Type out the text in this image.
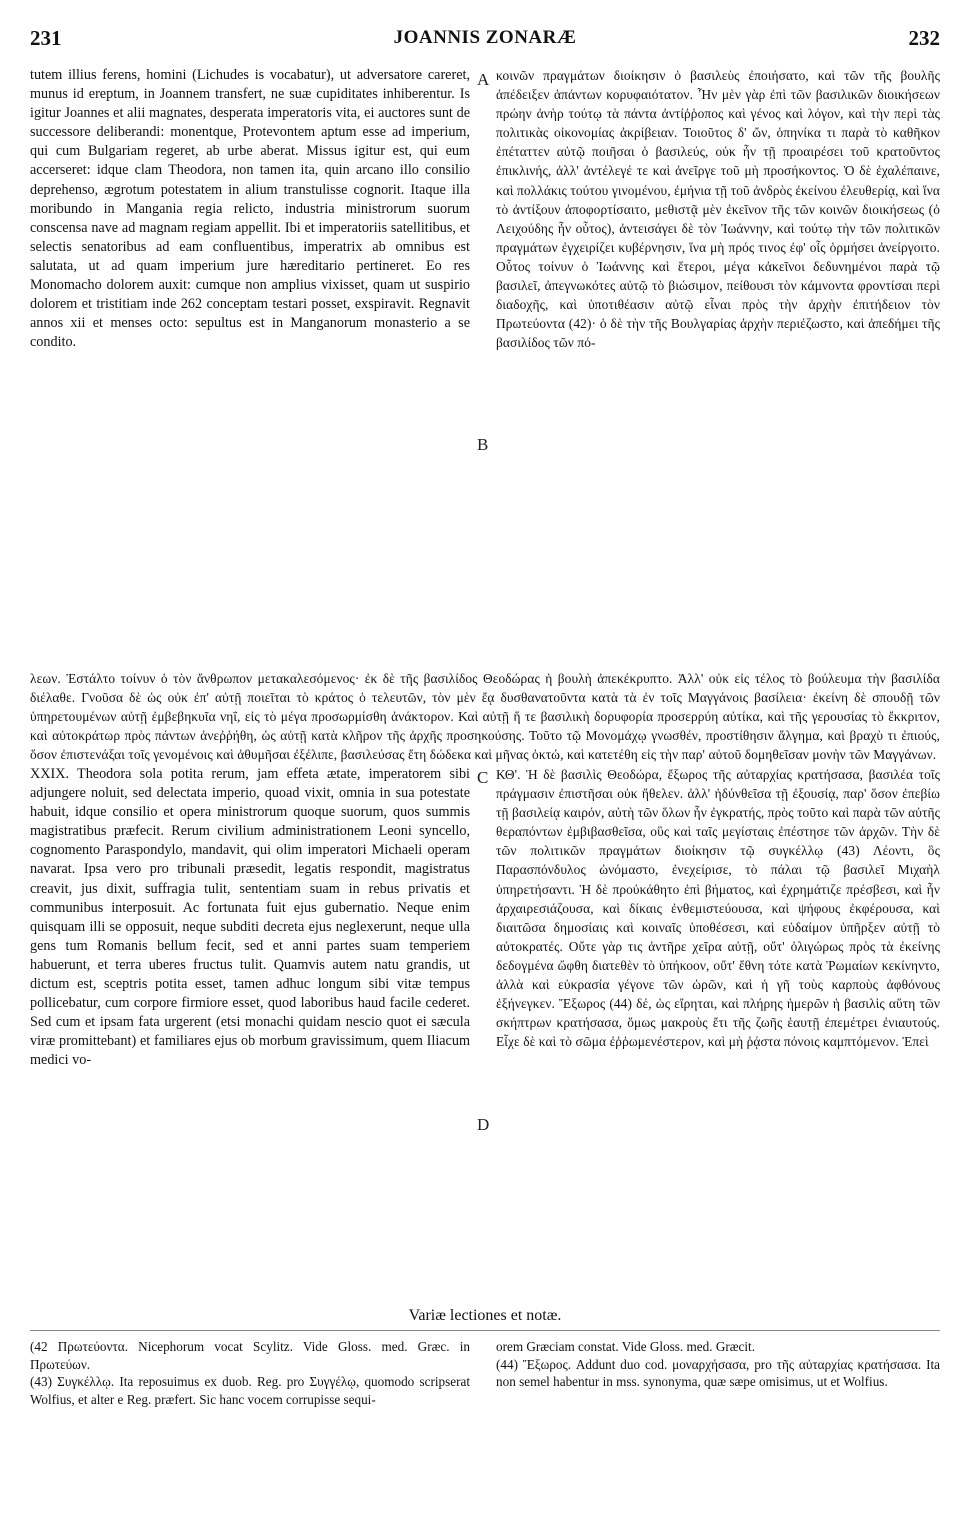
231	JOANNIS ZONARÆ	232
tutem illius ferens, homini (Lichudes is vocabatur), ut adversatore careret, munus id ereptum, in Joannem transfert, ne suæ cupiditates inhiberentur. Is igitur Joannes et alii magnates, desperata imperatoris vita, ei auctores sunt de successore deliberandi: monentque, Protevontem aptum esse ad imperium, qui cum Bulgariam regeret, ab urbe aberat. Missus igitur est, qui eum accerseret: idque clam Theodora, non tamen ita, quin arcano illo consilio deprehenso, ægrotum potestatem in alium transtulisse cognorit. Itaque illa moribundo in Mangania regia relicto, industria ministrorum suorum conscensa nave ad magnam regiam appellit. Ibi et imperatoriis satellitibus, et selectis senatoribus ad eam confluentibus, imperatrix ab omnibus est salutata, ut ad quam imperium jure hæreditario pertineret. Eo res Monomacho dolorem auxit: cumque non amplius vixisset, quam ut suspirio dolorem et tristitiam inde 262 conceptam testari posset, exspiravit. Regnavit annos xii et menses octo: sepultus est in Manganorum monasterio a se condito.
κοινῶν πραγμάτων διοίκησιν ὁ βασιλεὺς ἐποιήσατο, καὶ τῶν τῆς βουλῆς ἀπέδειξεν ἁπάντων κορυφαιότατον. Ἦν μὲν γὰρ ἐπὶ τῶν βασιλικῶν διοικήσεων πρώην ἀνὴρ τούτῳ τὰ πάντα ἀντίῤῥοπος καὶ γένος καὶ λόγον, καὶ τὴν περὶ τὰς πολιτικὰς οἰκονομίας ἀκρίβειαν. Τοιοῦτος δ' ὤν, ὁπηνίκα τι παρὰ τὸ καθῆκον ἐπέταττεν αὐτῷ ποιῆσαι ὁ βασιλεύς, οὐκ ἦν τῇ προαιρέσει τοῦ κρατοῦντος ἐπικλινής, ἀλλ' ἀντέλεγέ τε καὶ ἀνεῖργε τοῦ μὴ προσήκοντος. Ὁ δὲ ἐχαλέπαινε, καὶ πολλάκις τούτου γινομένου, ἐμήνια τῇ τοῦ ἀνδρὸς ἐκείνου ἐλευθερίᾳ, καὶ ἵνα τὸ ἀντίξουν ἀποφορτίσαιτο, μεθιστᾷ μὲν ἐκεῖνον τῆς τῶν κοινῶν διοικήσεως (ὁ Λειχούδης ἦν οὗτος), ἀντεισάγει δὲ τὸν Ἰωάννην, καὶ τούτῳ τὴν τῶν πολιτικῶν πραγμάτων ἐγχειρίζει κυβέρνησιν, ἵνα μὴ πρός τινος ἐφ' οἷς ὁρμήσει ἀνείργοιτο. Οὗτος τοίνυν ὁ Ἰωάννης καὶ ἕτεροι, μέγα κἀκεῖνοι δεδυνημένοι παρὰ τῷ βασιλεῖ, ἀπεγνωκότες αὐτῷ τὸ βιώσιμον, πείθουσι τὸν κάμνοντα φροντίσαι περὶ διαδοχῆς, καὶ ὑποτιθέασιν αὐτῷ εἶναι πρὸς τὴν ἀρχὴν ἐπιτήδειον τὸν Πρωτεύοντα (42)· ὁ δὲ τὴν τῆς Βουλγαρίας ἀρχὴν περιέζωστο, καὶ ἀπεδήμει τῆς βασιλίδος τῶν πό-
A
B
λεων. Ἐστάλτο τοίνυν ὁ τὸν ἄνθρωπον μετακαλεσόμενος· ἐκ δὲ τῆς βασιλίδος Θεοδώρας ἡ βουλὴ ἀπεκέκρυπτο. Ἀλλ' οὐκ εἰς τέλος τὸ βούλευμα τὴν βασιλίδα διέλαθε. Γνοῦσα δὲ ὡς οὐκ ἐπ' αὐτῇ ποιεῖται τὸ κράτος ὁ τελευτῶν, τὸν μὲν ἔᾳ δυσθανατοῦντα κατὰ τὰ ἐν τοῖς Μαγγάνοις βασίλεια· ἐκείνη δὲ σπουδῇ τῶν ὑπηρετουμένων αὐτῇ ἐμβεβηκυῖα νηΐ, εἰς τὸ μέγα προσωρμίσθη ἀνάκτορον. Καὶ αὐτῇ ἥ τε βασιλικὴ δορυφορία προσερρύη αὐτίκα, καὶ τῆς γερουσίας τὸ ἔκκριτον, καὶ αὐτοκράτωρ πρὸς πάντων ἀνεῤῥήθη, ὡς αὐτῇ κατὰ κλῆρον τῆς ἀρχῆς προσηκούσης. Τοῦτο τῷ Μονομάχῳ γνωσθέν, προστίθησιν ἄλγημα, καὶ βραχὺ τι ἐπιούς, ὅσον ἐπιστενάξαι τοῖς γενομένοις καὶ ἀθυμῆσαι ἐξέλιπε, βασιλεύσας ἔτη δώδεκα καὶ μῆνας ὀκτώ, καὶ κατετέθη εἰς τὴν παρ' αὐτοῦ δομηθεῖσαν μονὴν τῶν Μαγγάνων.
C
D
XXIX. Theodora sola potita rerum, jam effeta ætate, imperatorem sibi adjungere noluit, sed delectata imperio, quoad vixit, omnia in sua potestate habuit, idque consilio et opera ministrorum quoque suorum, quos summis magistratibus præfecit. Rerum civilium administrationem Leoni syncello, cognomento Paraspondylo, mandavit, qui olim imperatori Michaeli operam navarat. Ipsa vero pro tribunali præsedit, legatis respondit, magistratus creavit, jus dixit, suffragia tulit, sententiam suam in rebus privatis et communibus interposuit. Ac fortunata fuit ejus gubernatio. Neque enim quisquam illi se opposuit, neque subditi decreta ejus neglexerunt, neque ulla gens tum Romanis bellum fecit, sed et anni partes suam temperiem habuerunt, et terra uberes fructus tulit. Quamvis autem natu grandis, ut dictum est, sceptris potita esset, tamen adhuc longum sibi vitæ tempus pollicebatur, cum corpore firmiore esset, quod laboribus haud facile cederet. Sed cum et ipsam fata urgerent (etsi monachi quidam nescio quot ei sæcula viræ promittebant) et familiares ejus ob morbum gravissimum, quem Iliacum medici vo-
ΚΘ'. Ἡ δὲ βασιλὶς Θεοδώρα, ἔξωρος τῆς αὐταρχίας κρατήσασα, βασιλέα τοῖς πράγμασιν ἐπιστῆσαι οὐκ ἤθελεν. ἀλλ' ἠδύνθεῖσα τῇ ἐξουσίᾳ, παρ' ὅσον ἐπεβίω τῇ βασιλείᾳ καιρόν, αὐτὴ τῶν ὅλων ἦν ἐγκρατής, πρὸς τοῦτο καὶ παρὰ τῶν αὐτῆς θεραπόντων ἐμβιβασθεῖσα, οὓς καὶ ταῖς μεγίσταις ἐπέστησε τῶν ἀρχῶν. Τὴν δὲ τῶν πολιτικῶν πραγμάτων διοίκησιν τῷ συγκέλλῳ (43) Λέοντι, ὃς Παρασπόνδυλος ὠνόμαστο, ἐνεχείρισε, τὸ πάλαι τῷ βασιλεῖ Μιχαὴλ ὑπηρετήσαντι. Ἡ δὲ προὐκάθητο ἐπὶ βήματος, καὶ ἐχρημάτιζε πρέσβεσι, καὶ ἦν ἀρχαιρεσιάζουσα, καὶ δίκαις ἐνθεμιστεύουσα, καὶ ψήφους ἐκφέρουσα, καὶ διαιτῶσα δημοσίαις καὶ κοιναῖς ὑποθέσεσι, καὶ εὐδαίμον ὑπῆρξεν αὐτῇ τὸ αὐτοκρατές. Οὔτε γὰρ τις ἀντῆρε χεῖρα αὐτῇ, οὔτ' ὀλιγώρως πρὸς τὰ ἐκείνης δεδογμένα ὤφθη διατεθὲν τὸ ὑπήκοον, οὔτ' ἔθνη τότε κατὰ Ῥωμαίων κεκίνηντο, ἀλλὰ καὶ εὐκρασία γέγονε τῶν ὡρῶν, καὶ ἡ γῆ τοὺς καρποὺς ἀφθόνους ἐξήνεγκεν. Ἔξωρος (44) δέ, ὡς εἴρηται, καὶ πλήρης ἡμερῶν ἡ βασιλὶς αὕτη τῶν σκήπτρων κρατήσασα, ὅμως μακροὺς ἔτι τῆς ζωῆς ἑαυτῇ ἐπεμέτρει ἐνιαυτούς. Εἶχε δὲ καὶ τὸ σῶμα ἐῤῥωμενέστερον, καὶ μὴ ῥᾴστα πόνοις καμπτόμενον. Ἐπεὶ
Variæ lectiones et notæ.
(42 Πρωτεύοντα. Nicephorum vocat Scylitz. Vide Gloss. med. Græc. in Πρωτεύων.
(43) Συγκέλλῳ. Ita reposuimus ex duob. Reg. pro Συγγέλῳ, quomodo scripserat Wolfius, et alter e Reg. præfert. Sic hanc vocem corrupisse sequi-
orem Græciam constat. Vide Gloss. med. Græcit.
(44) Ἔξωρος. Addunt duo cod. μοναρχήσασα, pro τῆς αὐταρχίας κρατήσασα. Ita non semel habentur in mss. synonyma, quæ sæpe omisimus, ut et Wolfius.
